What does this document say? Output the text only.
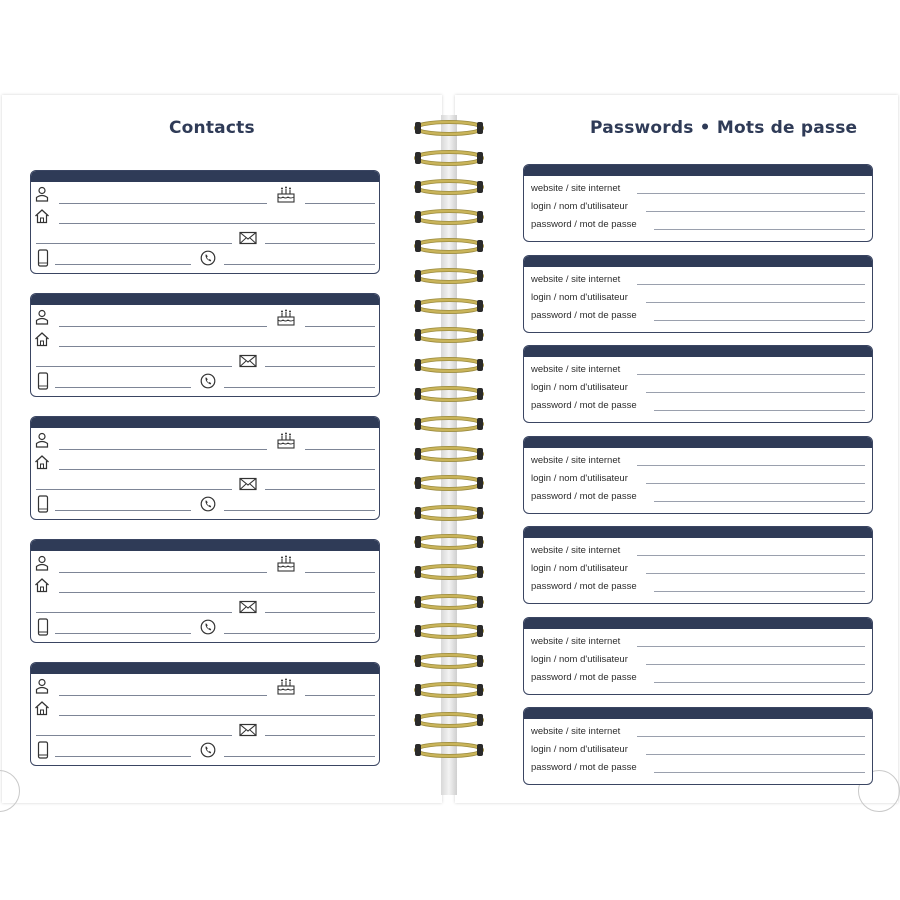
Contacts	Passwords • Mots de passe
website / site internet
login / nom d'utilisateur
password / mot de passe
website / site internet
login / nom d'utilisateur
password / mot de passe
website / site internet
login / nom d'utilisateur
password / mot de passe
website / site internet
login / nom d'utilisateur
password / mot de passe
website / site internet
login / nom d'utilisateur
password / mot de passe
website / site internet
login / nom d'utilisateur
password / mot de passe
website / site internet
login / nom d'utilisateur
password / mot de passe
